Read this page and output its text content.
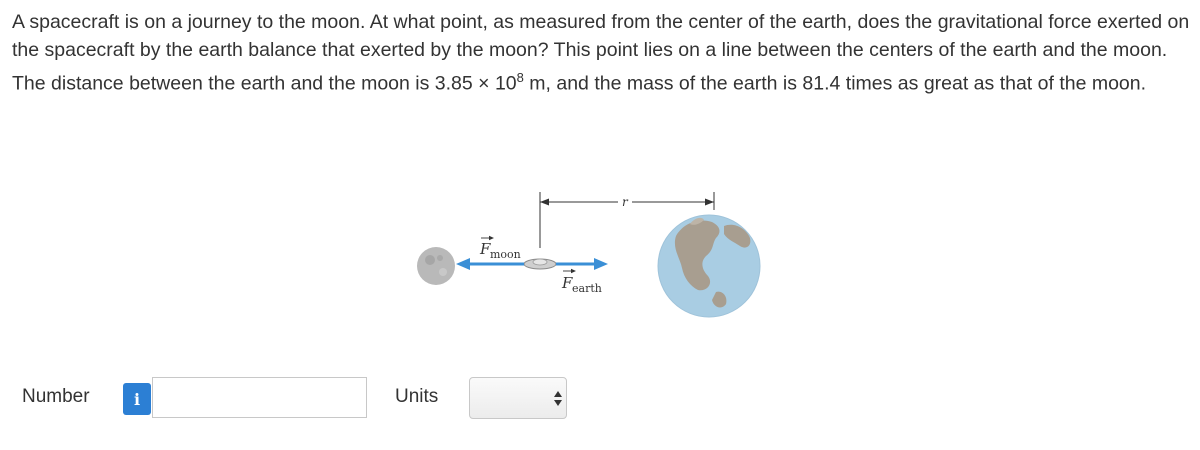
A spacecraft is on a journey to the moon. At what point, as measured from the center of the earth, does the gravitational force exerted on the spacecraft by the earth balance that exerted by the moon? This point lies on a line between the centers of the earth and the moon. The distance between the earth and the moon is $3.85 \times 10^8$ m, and the mass of the earth is 81.4 times as great as that of the moon.
r
F moon
F earth
Number	i	Units
